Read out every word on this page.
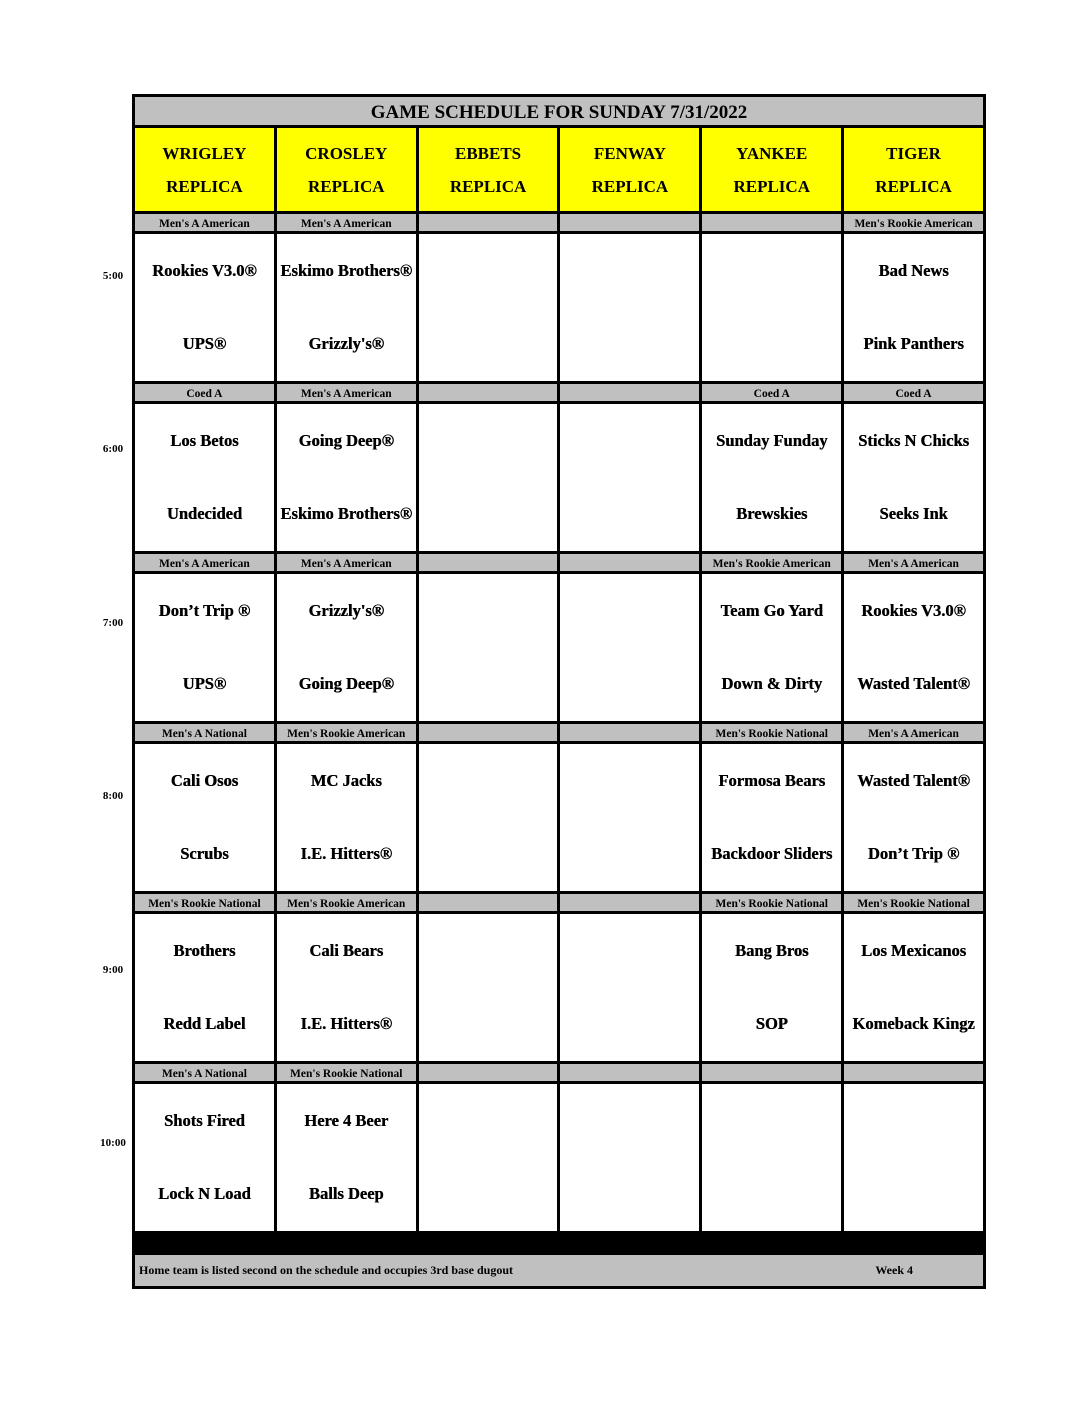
5:00
6:00
7:00
8:00
9:00
10:00
GAME SCHEDULE FOR SUNDAY 7/31/2022
WRIGLEY
REPLICA
Men's A American
Rookies V3.0®
UPS®
Coed A
Los Betos
Undecided
Men's A American
Don’t Trip ®
UPS®
Men's A National
Cali Osos
Scrubs
Men's Rookie National
Brothers
Redd Label
Men's A National
Shots Fired
Lock N Load
CROSLEY
REPLICA
Men's A American
Eskimo Brothers®
Grizzly's®
Men's A American
Going Deep®
Eskimo Brothers®
Men's A American
Grizzly's®
Going Deep®
Men's Rookie American
MC Jacks
I.E. Hitters®
Men's Rookie American
Cali Bears
I.E. Hitters®
Men's Rookie National
Here 4 Beer
Balls Deep
EBBETS
REPLICA
FENWAY
REPLICA
YANKEE
REPLICA
Coed A
Sunday Funday
Brewskies
Men's Rookie American
Team Go Yard
Down & Dirty
Men's Rookie National
Formosa Bears
Backdoor Sliders
Men's Rookie National
Bang Bros
SOP
TIGER
REPLICA
Men's Rookie American
Bad News
Pink Panthers
Coed A
Sticks N Chicks
Seeks Ink
Men's A American
Rookies V3.0®
Wasted Talent®
Men's A American
Wasted Talent®
Don’t Trip ®
Men's Rookie National
Los Mexicanos
Komeback Kingz
Home team is listed second on the schedule and occupies 3rd base dugout	Week 4
